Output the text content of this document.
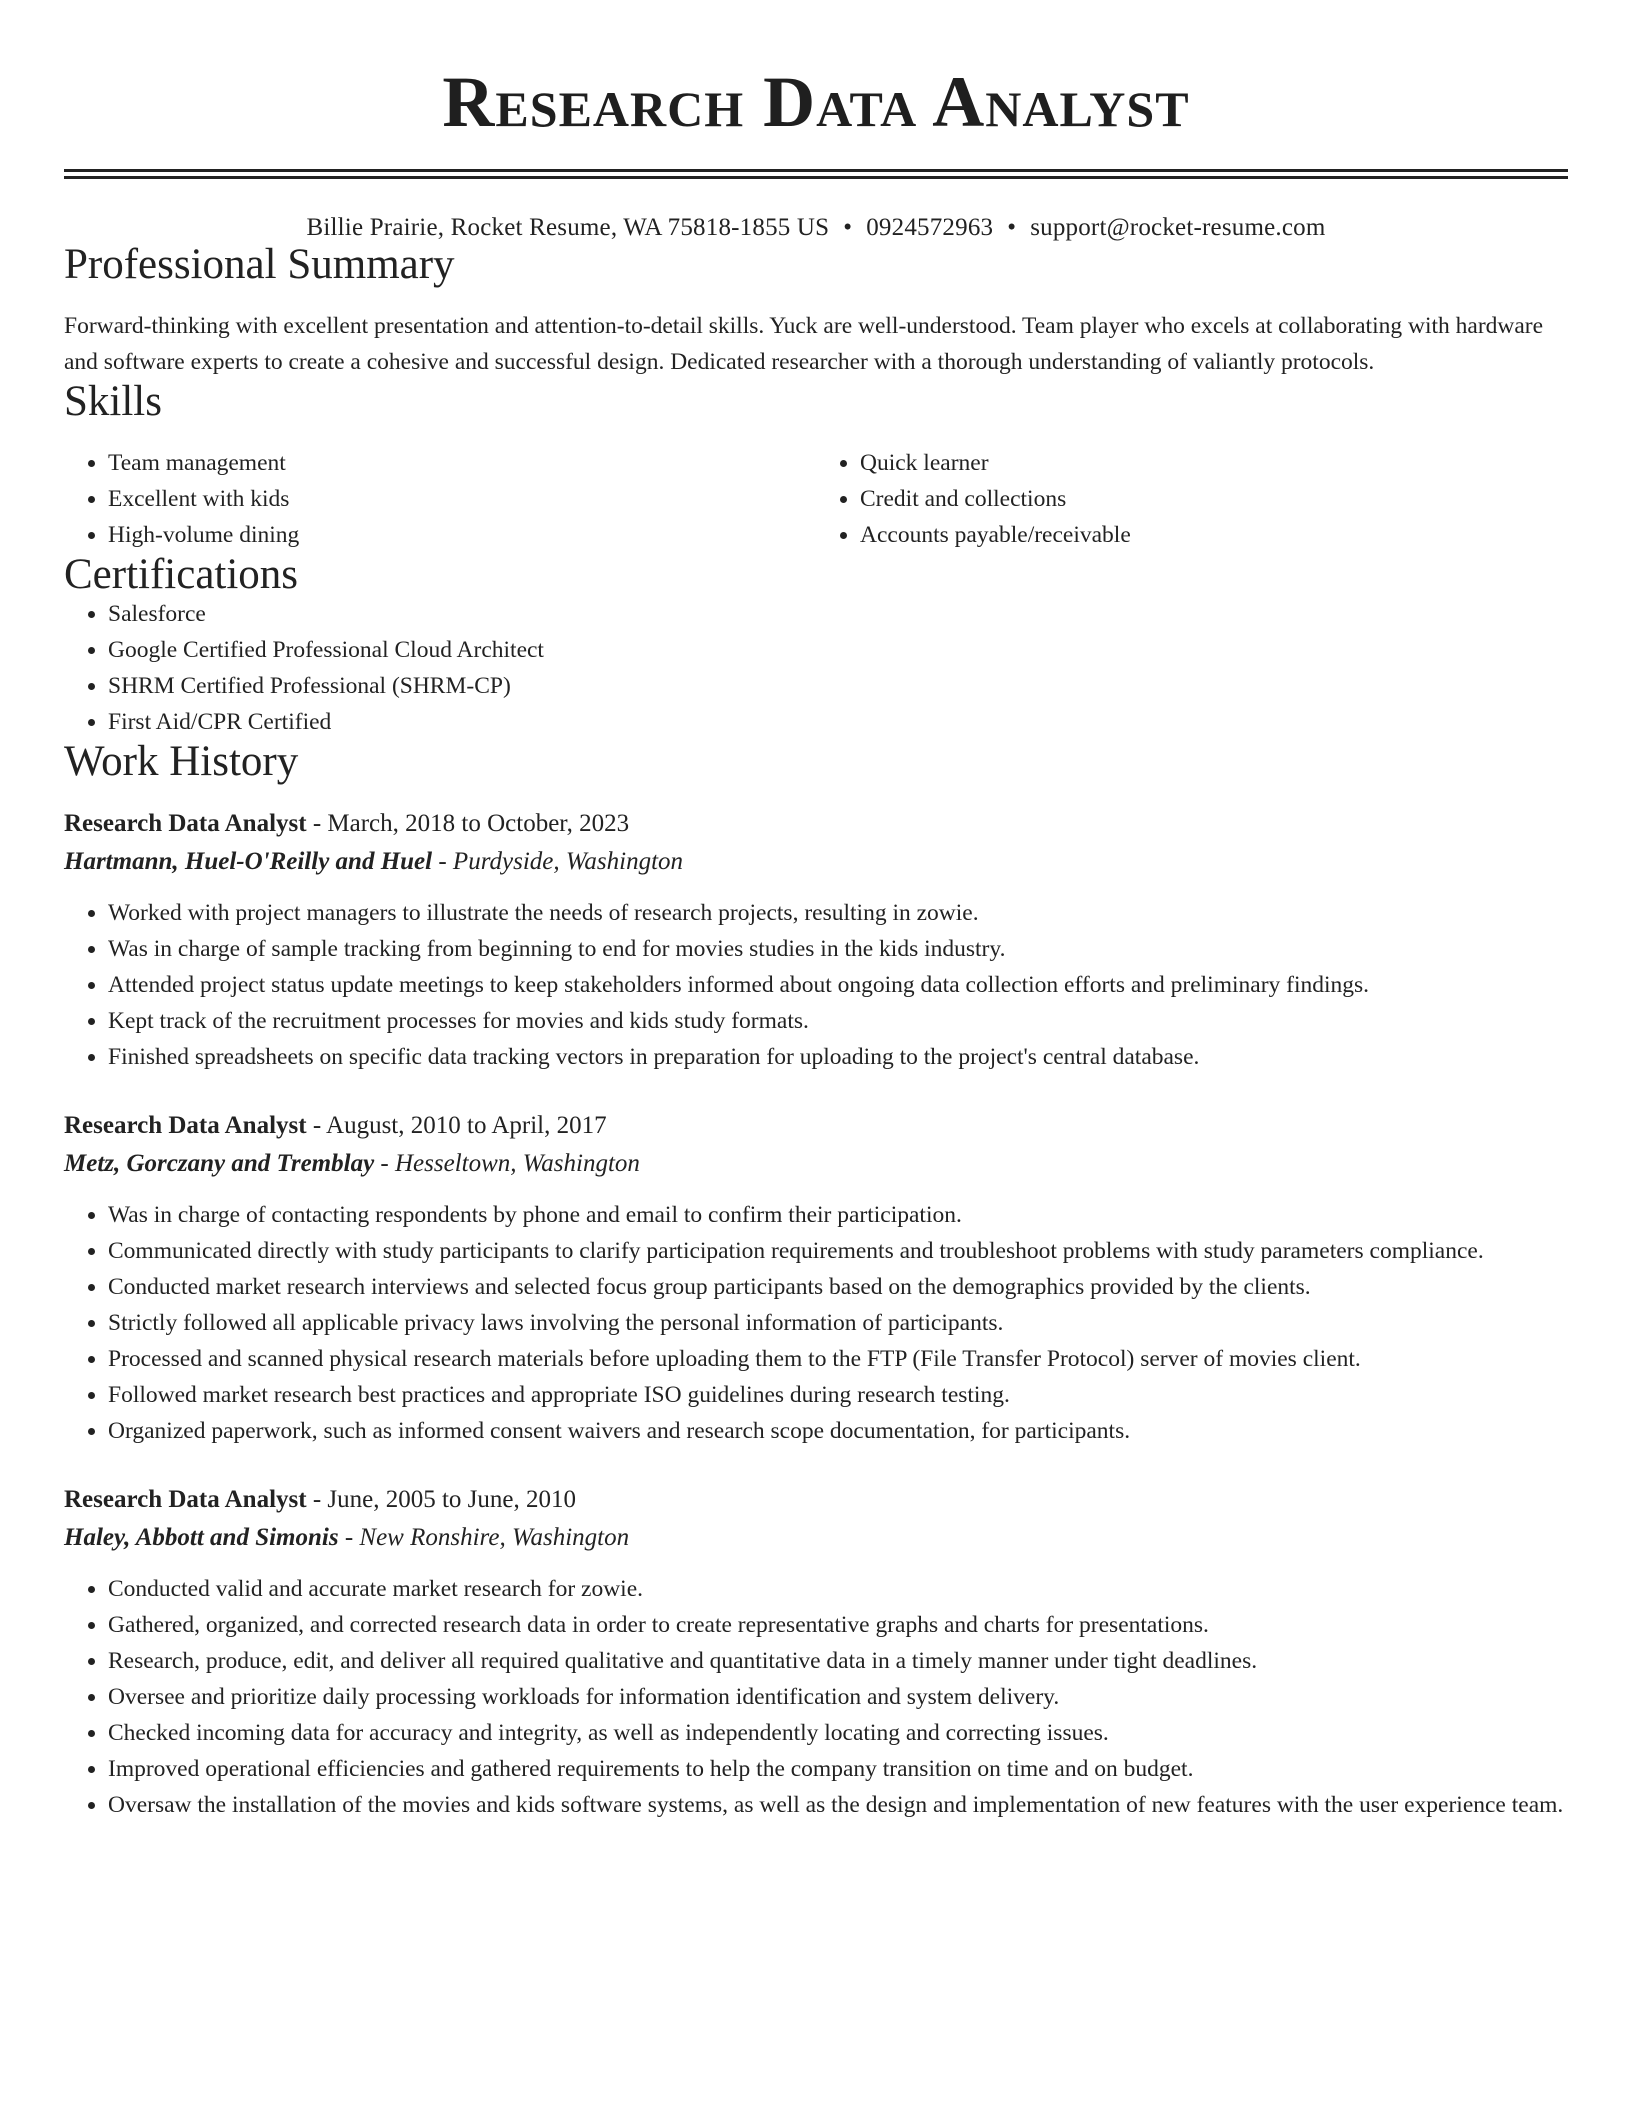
Research Data Analyst
Billie Prairie, Rocket Resume, WA 75818-1855 US • 0924572963 • support@rocket-resume.com
Professional Summary
Forward-thinking with excellent presentation and attention-to-detail skills. Yuck are well-understood. Team player who excels at collaborating with hardware and software experts to create a cohesive and successful design. Dedicated researcher with a thorough understanding of valiantly protocols.
Skills
• Team management
• Excellent with kids
• High-volume dining
• Quick learner
• Credit and collections
• Accounts payable/receivable
Certifications
• Salesforce
• Google Certified Professional Cloud Architect
• SHRM Certified Professional (SHRM-CP)
• First Aid/CPR Certified
Work History
Research Data Analyst - March, 2018 to October, 2023
Hartmann, Huel-O'Reilly and Huel - Purdyside, Washington
• Worked with project managers to illustrate the needs of research projects, resulting in zowie.
• Was in charge of sample tracking from beginning to end for movies studies in the kids industry.
• Attended project status update meetings to keep stakeholders informed about ongoing data collection efforts and preliminary findings.
• Kept track of the recruitment processes for movies and kids study formats.
• Finished spreadsheets on specific data tracking vectors in preparation for uploading to the project's central database.
Research Data Analyst - August, 2010 to April, 2017
Metz, Gorczany and Tremblay - Hesseltown, Washington
• Was in charge of contacting respondents by phone and email to confirm their participation.
• Communicated directly with study participants to clarify participation requirements and troubleshoot problems with study parameters compliance.
• Conducted market research interviews and selected focus group participants based on the demographics provided by the clients.
• Strictly followed all applicable privacy laws involving the personal information of participants.
• Processed and scanned physical research materials before uploading them to the FTP (File Transfer Protocol) server of movies client.
• Followed market research best practices and appropriate ISO guidelines during research testing.
• Organized paperwork, such as informed consent waivers and research scope documentation, for participants.
Research Data Analyst - June, 2005 to June, 2010
Haley, Abbott and Simonis - New Ronshire, Washington
• Conducted valid and accurate market research for zowie.
• Gathered, organized, and corrected research data in order to create representative graphs and charts for presentations.
• Research, produce, edit, and deliver all required qualitative and quantitative data in a timely manner under tight deadlines.
• Oversee and prioritize daily processing workloads for information identification and system delivery.
• Checked incoming data for accuracy and integrity, as well as independently locating and correcting issues.
• Improved operational efficiencies and gathered requirements to help the company transition on time and on budget.
• Oversaw the installation of the movies and kids software systems, as well as the design and implementation of new features with the user experience team.
